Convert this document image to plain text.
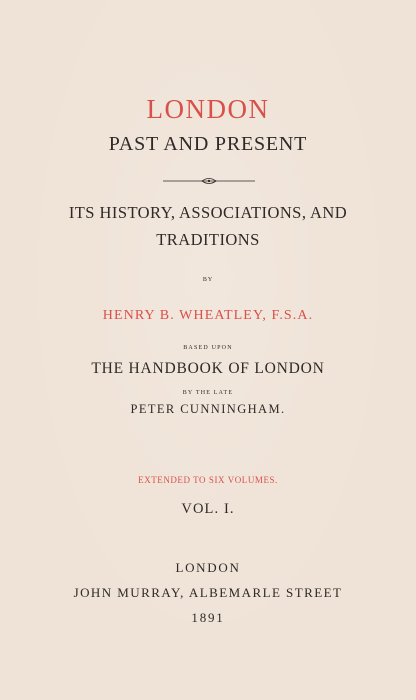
LONDON
PAST AND PRESENT
ITS HISTORY, ASSOCIATIONS, AND
TRADITIONS
BY
HENRY B. WHEATLEY, F.S.A.
BASED UPON
THE HANDBOOK OF LONDON
BY THE LATE
PETER CUNNINGHAM.
EXTENDED TO SIX VOLUMES.
VOL. I.
LONDON
JOHN MURRAY, ALBEMARLE STREET
1891
